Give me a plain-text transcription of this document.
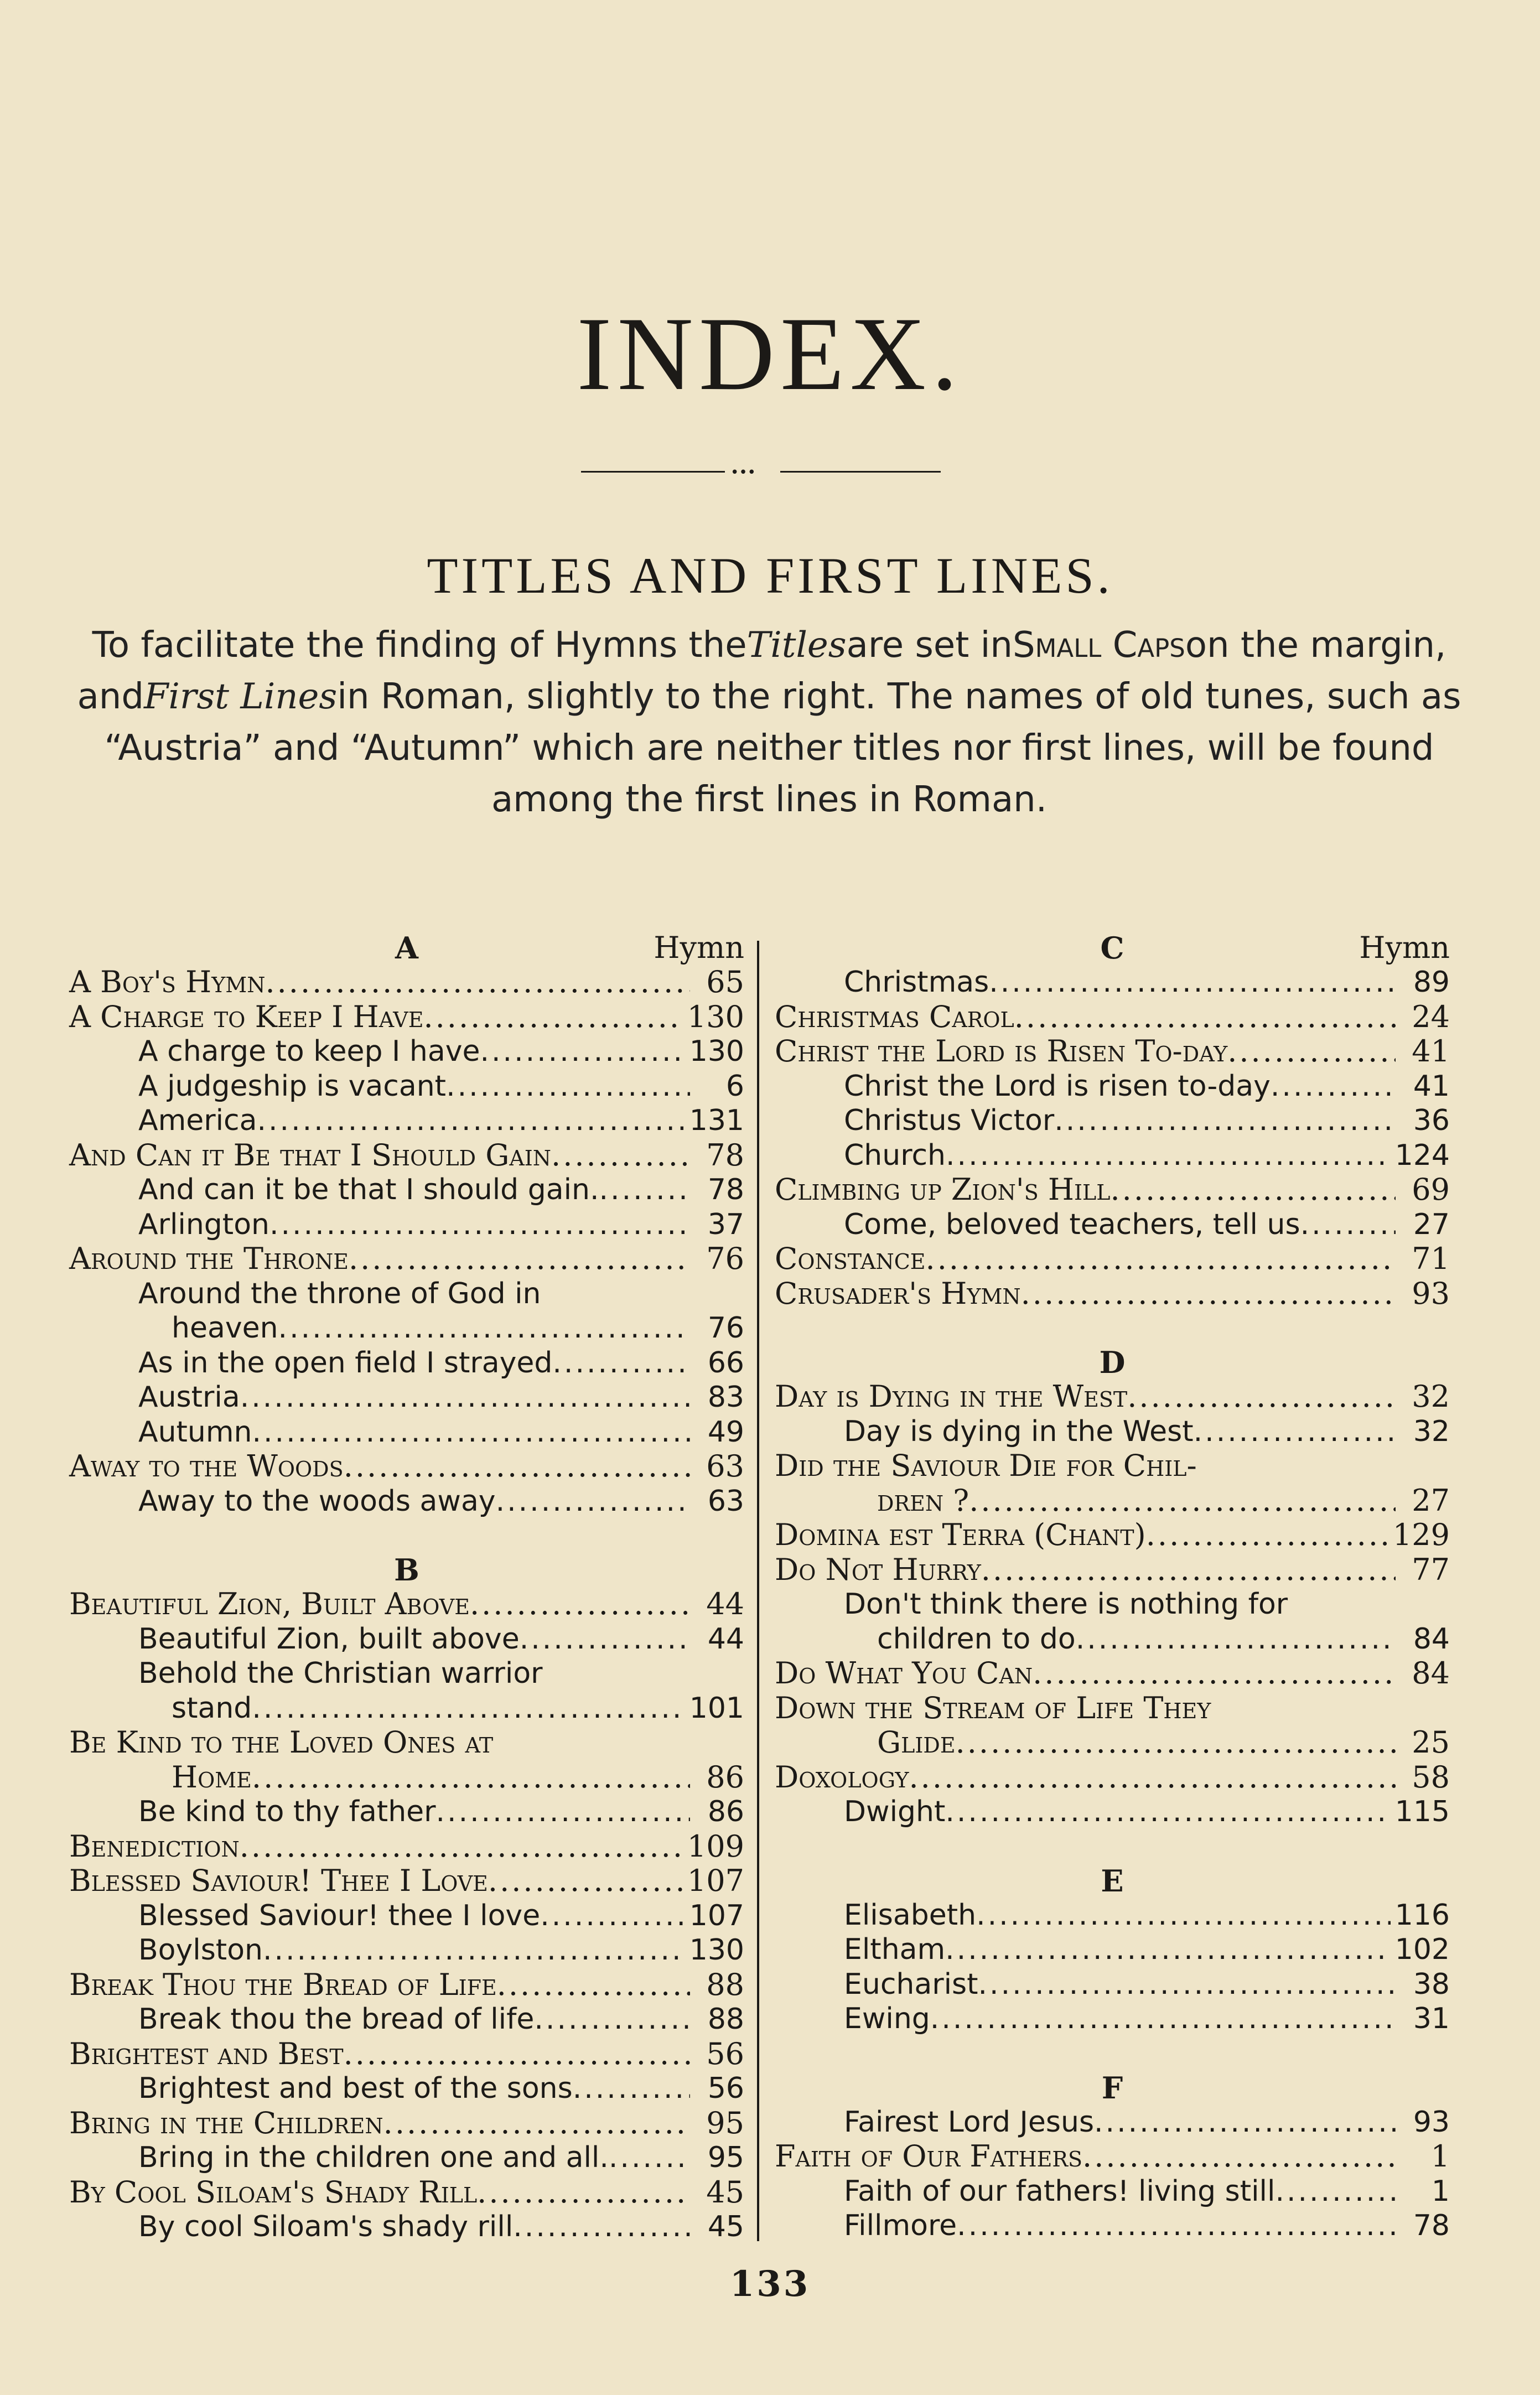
INDEX.
•••
TITLES AND FIRST LINES.
To facilitate the finding of Hymns theTitlesare set inSmall Capson the margin, andFirst Linesin Roman, slightly to the right. The names of old tunes, such as “Austria” and “Autumn” which are neither titles nor first lines, will be found among the first lines in Roman.
A	Hymn
A Boy's Hymn .....	65
A Charge to Keep I Have .....	130
A charge to keep I have .....	130
A judgeship is vacant .....	6
America .....	131
And Can it Be that I Should Gain .....	78
And can it be that I should gain. .....	78
Arlington .....	37
Around the Throne .....	76
Around the throne of God in
heaven .....	76
As in the open field I strayed .....	66
Austria .....	83
Autumn .....	49
Away to the Woods .....	63
Away to the woods away .....	63
B
Beautiful Zion, Built Above .....	44
Beautiful Zion, built above .....	44
Behold the Christian warrior
stand .....	101
Be Kind to the Loved Ones at
Home .....	86
Be kind to thy father .....	86
Benediction .....	109
Blessed Saviour! Thee I Love .....	107
Blessed Saviour! thee I love .....	107
Boylston .....	130
Break Thou the Bread of Life .....	88
Break thou the bread of life .....	88
Brightest and Best .....	56
Brightest and best of the sons .....	56
Bring in the Children .....	95
Bring in the children one and all. .....	95
By Cool Siloam's Shady Rill .....	45
By cool Siloam's shady rill .....	45
C	Hymn
Christmas .....	89
Christmas Carol .....	24
Christ the Lord is Risen To-day .....	41
Christ the Lord is risen to-day .....	41
Christus Victor .....	36
Church .....	124
Climbing up Zion's Hill .....	69
Come, beloved teachers, tell us .....	27
Constance .....	71
Crusader's Hymn .....	93
D
Day is Dying in the West .....	32
Day is dying in the West .....	32
Did the Saviour Die for Chil-
dren ? .....	27
Domina est Terra (Chant) .....	129
Do Not Hurry .....	77
Don't think there is nothing for
children to do .....	84
Do What You Can .....	84
Down the Stream of Life They
Glide .....	25
Doxology .....	58
Dwight .....	115
E
Elisabeth .....	116
Eltham .....	102
Eucharist .....	38
Ewing .....	31
F
Fairest Lord Jesus .....	93
Faith of Our Fathers .....	1
Faith of our fathers! living still .....	1
Fillmore .....	78
133
